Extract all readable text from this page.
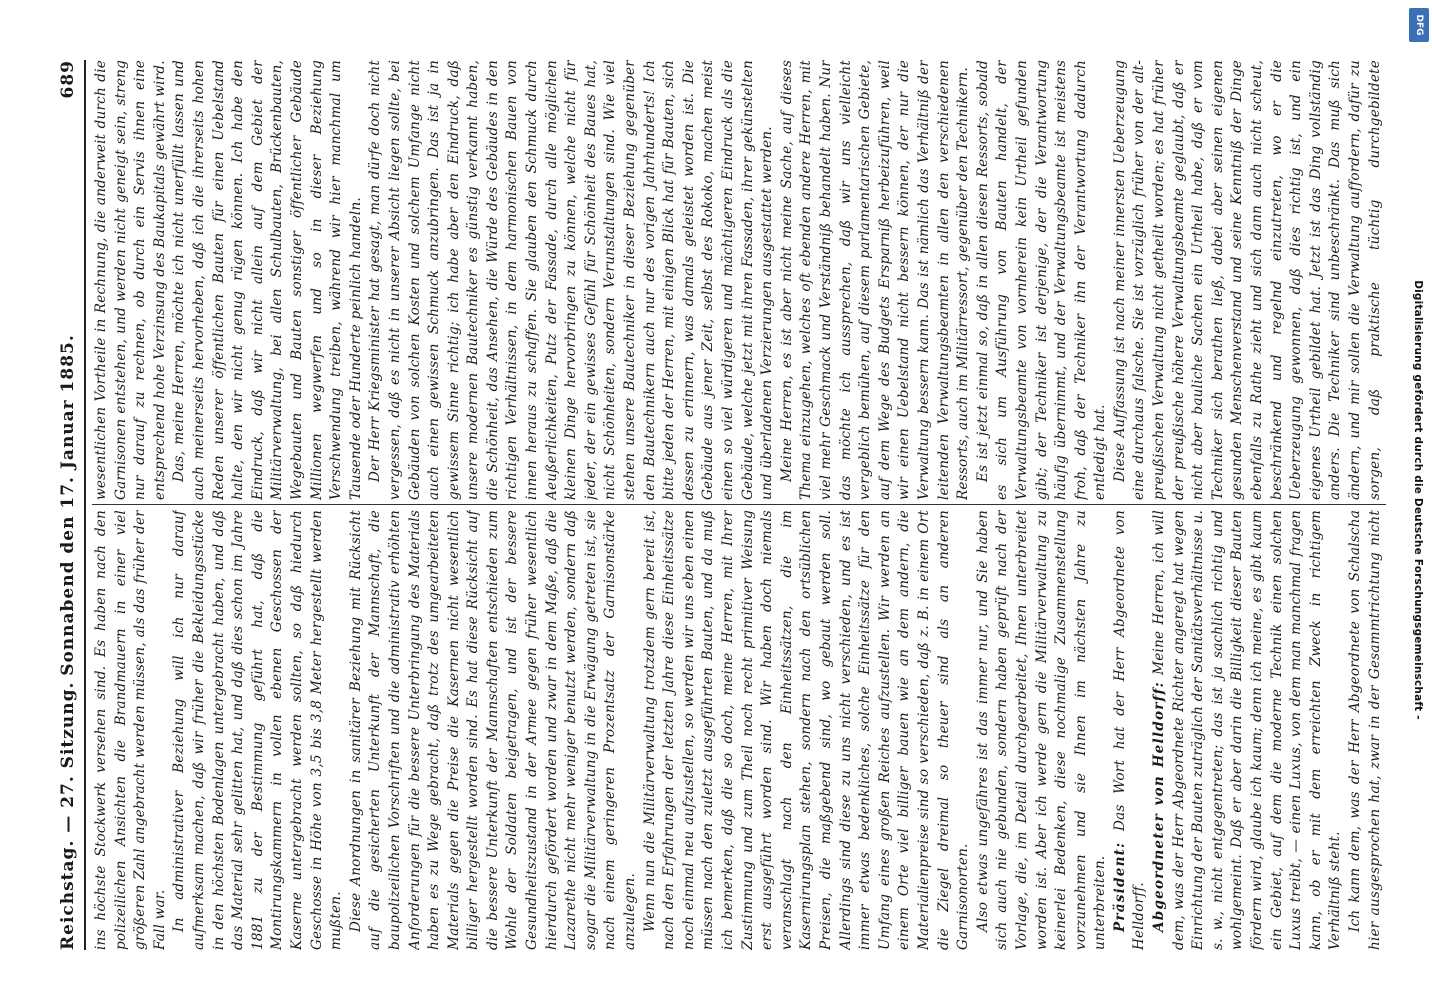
Reichstag. — 27. Sitzung.
Sonnabend den 17. Januar 1885.
689

ins höchste Stockwerk versehen sind. Es haben nach den polizeilichen Ansichten die Brandmauern in einer viel größeren Zahl angebracht werden müssen, als das früher der Fall war. In administrativer Beziehung will ich nur darauf aufmerksam machen, daß wir früher die Bekleidungsstücke in den höchsten Bodenlagen untergebracht haben, und daß das Material sehr gelitten hat, und daß dies schon im Jahre 1881 zu der Bestimmung geführt hat, daß die Montirungskammern in vollen ebenen Geschossen der Kaserne untergebracht werden sollten, so daß hiedurch Geschosse in Höhe von 3,5 bis 3,8 Meter hergestellt werden mußten. Diese Anordnungen in sanitärer Beziehung mit Rücksicht auf die gesicherten Unterkunft der Mannschaft, die baupolizeilichen Vorschriften und die administrativ erhöhten Anforderungen für die bessere Unterbringung des Materials haben es zu Wege gebracht, daß trotz des umgearbeiteten Materials gegen die Preise die Kasernen nicht wesentlich billiger hergestellt worden sind. Es hat diese Rücksicht auf die bessere Unterkunft der Mannschaften entschieden zum Wohle der Soldaten beigetragen, und ist der bessere Gesundheitszustand in der Armee gegen früher wesentlich hierdurch gefördert worden und zwar in dem Maße, daß die Lazarethe nicht mehr weniger benutzt werden, sondern daß sogar die Militärverwaltung in die Erwägung getreten ist, sie nach einem geringeren Prozentsatz der Garnisonstärke anzulegen. Wenn nun die Militärverwaltung trotzdem gern bereit ist, nach den Erfahrungen der letzten Jahre diese Einheitssätze noch einmal neu aufzustellen, so werden wir uns eben einen müssen nach den zuletzt ausgeführten Bauten, und da muß ich bemerken, daß die so doch, meine Herren, mit Ihrer Zustimmung und zum Theil noch recht primitiver Weisung erst ausgeführt worden sind. Wir haben doch niemals veranschlagt nach den Einheitssätzen, die im Kasernirungsplan stehen, sondern nach den ortsüblichen Preisen, die maßgebend sind, wo gebaut werden soll. Allerdings sind diese zu uns nicht verschieden, und es ist immer etwas bedenkliches, solche Einheitssätze für den Umfang eines großen Reiches aufzustellen. Wir werden an einem Orte viel billiger bauen wie an dem andern, die Materialienpreise sind so verschieden, daß z. B. in einem Ort die Ziegel dreimal so theuer sind als an anderen Garnisonorten. Also etwas ungefähres ist das immer nur, und Sie haben sich auch nie gebunden, sondern haben geprüft nach der Vorlage, die, im Detail durchgearbeitet, Ihnen unterbreitet worden ist. Aber ich werde gern die Militärverwaltung zu keinerlei Bedenken, diese nochmalige Zusammenstellung vorzunehmen und sie Ihnen im nächsten Jahre zu unterbreiten. Präsident: Das Wort hat der Herr Abgeordnete von Helldorff. Abgeordneter von Helldorff: Meine Herren, ich will dem, was der Herr Abgeordnete Richter angeregt hat wegen Einrichtung der Bauten zuträglich der Sanitätsverhältnisse u. s. w., nicht entgegentreten; das ist ja sachlich richtig und wohlgemeint. Daß er aber darin die Billigkeit dieser Bauten fördern wird, glaube ich kaum; denn ich meine, es gibt kaum ein Gebiet, auf dem die moderne Technik einen solchen Luxus treibt, — einen Luxus, von dem man manchmal fragen kann, ob er mit dem erreichten Zweck in richtigem Verhältniß steht. Ich kann dem, was der Herr Abgeordnete von Schalscha hier ausgesprochen hat, zwar in der Gesammtrichtung nicht

wesentlichen Vortheile in Rechnung, die anderweit durch die Garnisonen entstehen, und werden nicht geneigt sein, streng nur darauf zu rechnen, ob durch ein Servis ihnen eine entsprechend hohe Verzinsung des Baukapitals gewährt wird. Das, meine Herren, möchte ich nicht unerfüllt lassen und auch meinerseits hervorheben, daß ich die ihrerseits hohen Reden unserer öffentlichen Bauten für einen Uebelstand halte, den wir nicht genug rügen können. Ich habe den Eindruck, daß wir nicht allein auf dem Gebiet der Militärverwaltung, bei allen Schulbauten, Brückenbauten, Wegebauten und Bauten sonstiger öffentlicher Gebäude Millionen wegwerfen und so in dieser Beziehung Verschwendung treiben, während wir hier manchmal um Tausende oder Hunderte peinlich handeln. Der Herr Kriegsminister hat gesagt, man dürfe doch nicht vergessen, daß es nicht in unserer Absicht liegen sollte, bei Gebäuden von solchen Kosten und solchem Umfange nicht auch einen gewissen Schmuck anzubringen. Das ist ja in gewissem Sinne richtig; ich habe aber den Eindruck, daß unsere modernen Bautechniker es günstig verkannt haben, die Schönheit, das Ansehen, die Würde des Gebäudes in den richtigen Verhältnissen, in dem harmonischen Bauen von innen heraus zu schaffen. Sie glauben den Schmuck durch Aeußerlichkeiten, Putz der Fassade, durch alle möglichen kleinen Dinge hervorbringen zu können, welche nicht für jeder, der ein gewisses Gefühl für Schönheit des Baues hat, nicht Schönheiten, sondern Verunstaltungen sind. Wie viel stehen unsere Bautechniker in dieser Beziehung gegenüber den Bautechnikern auch nur des vorigen Jahrhunderts! Ich bitte jeden der Herren, mit einigen Blick hat für Bauten, sich dessen zu erinnern, was damals geleistet worden ist. Die Gebäude aus jener Zeit, selbst des Rokoko, machen meist einen so viel würdigeren und mächtigeren Eindruck als die Gebäude, welche jetzt mit ihren Fassaden, ihrer gekünstelten und überladenen Verzierungen ausgestattet werden. Meine Herren, es ist aber nicht meine Sache, auf dieses Thema einzugehen, welches oft ebenden andere Herren, mit viel mehr Geschmack und Verständniß behandelt haben. Nur das möchte ich aussprechen, daß wir uns vielleicht vergeblich bemühen, auf diesem parlamentarischen Gebiete, auf dem Wege des Budgets Ersparniß herbeizuführen, weil wir einen Uebelstand nicht bessern können, der nur die Verwaltung bessern kann. Das ist nämlich das Verhältniß der leitenden Verwaltungsbeamten in allen den verschiedenen Ressorts, auch im Militärressort, gegenüber den Technikern. Es ist jetzt einmal so, daß in allen diesen Ressorts, sobald es sich um Ausführung von Bauten handelt, der Verwaltungsbeamte von vornherein kein Urtheil gefunden gibt; der Techniker ist derjenige, der die Verantwortung häufig übernimmt, und der Verwaltungsbeamte ist meistens froh, daß der Techniker ihn der Verantwortung dadurch entledigt hat. Diese Auffassung ist nach meiner innersten Ueberzeugung eine durchaus falsche. Sie ist vorzüglich früher von der alt-preußischen Verwaltung nicht getheilt worden; es hat früher der preußische höhere Verwaltungsbeamte geglaubt, daß er nicht aber bauliche Sachen ein Urtheil habe, daß er vom Techniker sich berathen ließ, dabei aber seinen eigenen gesunden Menschenverstand und seine Kenntniß der Dinge ebenfalls zu Rathe zieht und sich dann auch nicht scheut, beschränkend und regelnd einzutreten, wo er die Ueberzeugung gewonnen, daß dies richtig ist, und ein eigenes Urtheil gebildet hat. Jetzt ist das Ding vollständig anders. Die Techniker sind unbeschränkt. Das muß sich ändern, und mir sollen die Verwaltung auffordern, dafür zu sorgen, daß praktische tüchtig durchgebildete

Digitalisierung gefördert durch die Deutsche Forschungsgemeinschaft -
DFG
